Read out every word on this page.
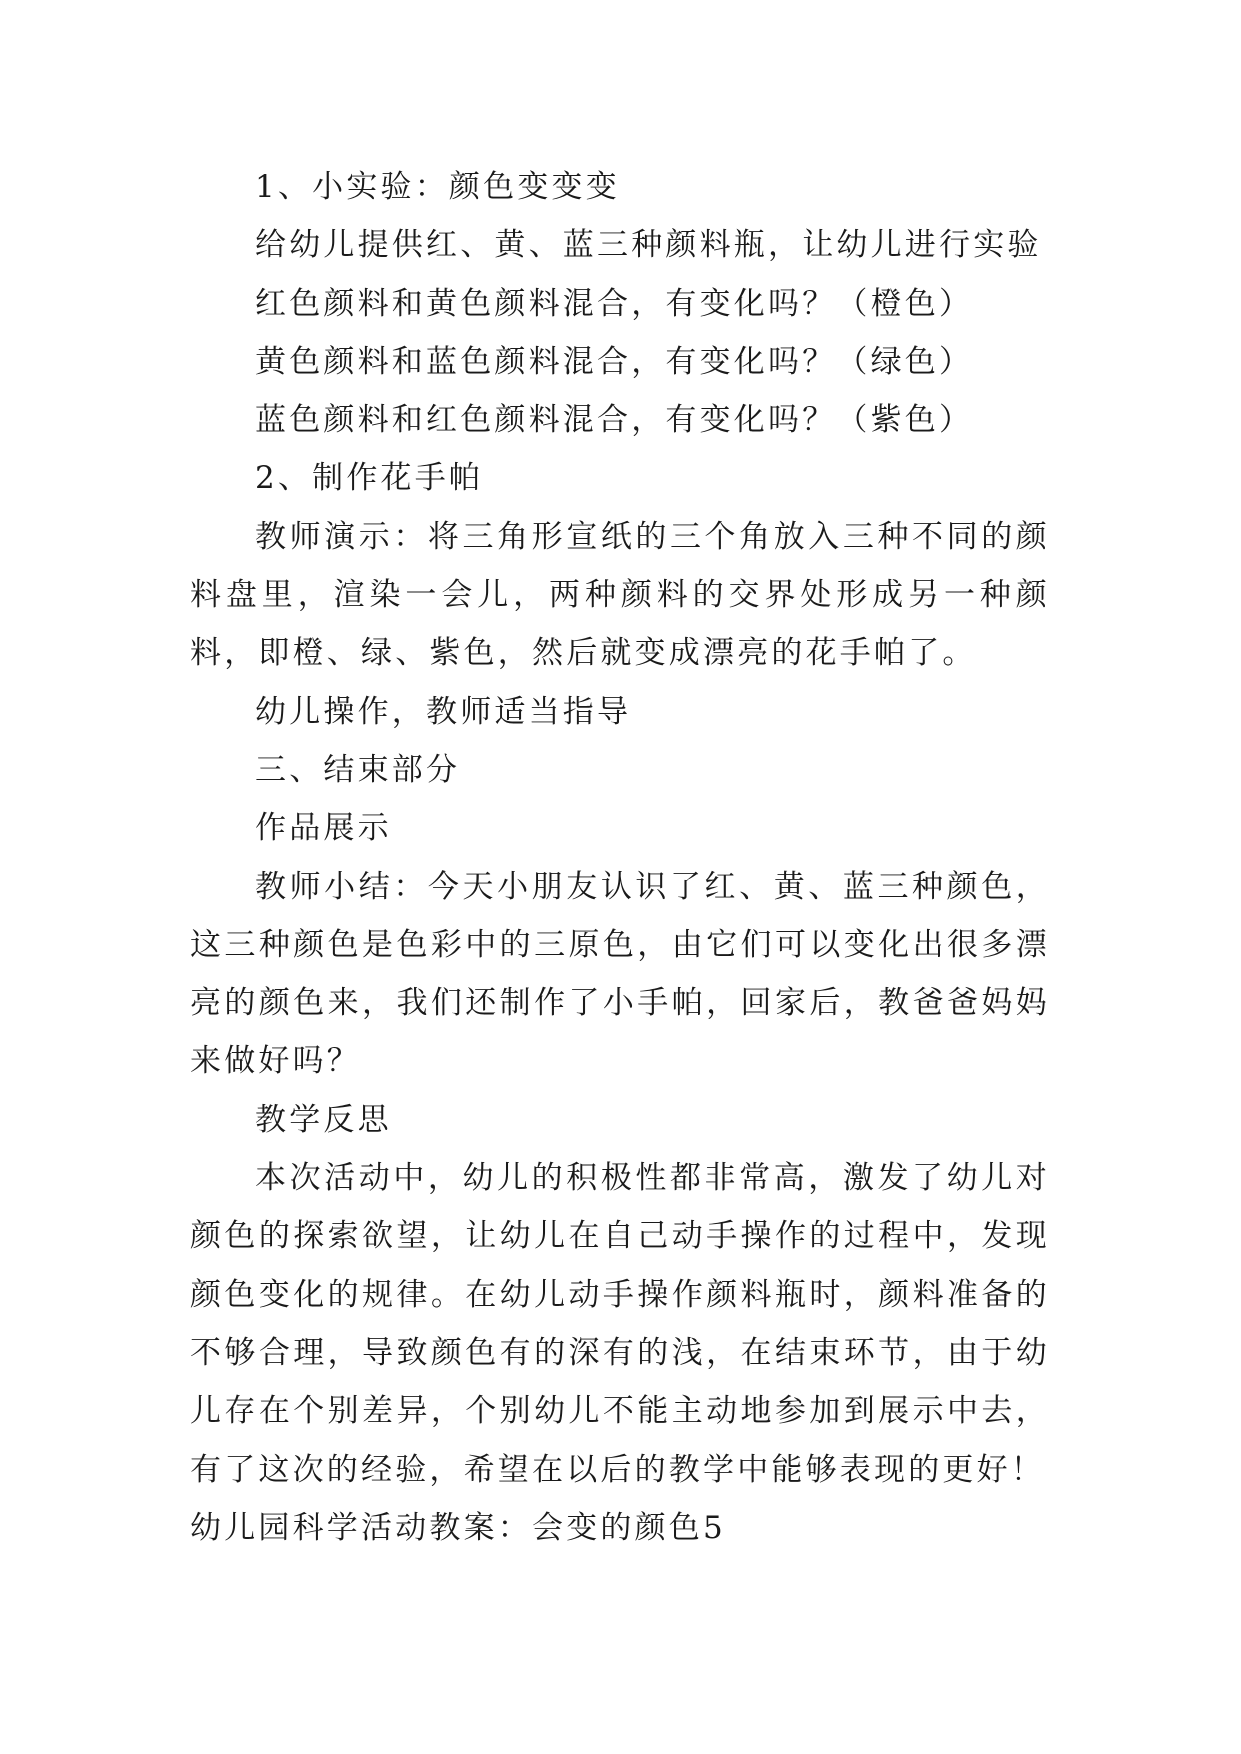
1、小实验：颜色变变变

给幼儿提供红、黄、蓝三种颜料瓶，让幼儿进行实验

红色颜料和黄色颜料混合，有变化吗？（橙色）

黄色颜料和蓝色颜料混合，有变化吗？（绿色）

蓝色颜料和红色颜料混合，有变化吗？（紫色）

2、制作花手帕

教师演示：将三角形宣纸的三个角放入三种不同的颜料盘里，渲染一会儿，两种颜料的交界处形成另一种颜料，即橙、绿、紫色，然后就变成漂亮的花手帕了。

幼儿操作，教师适当指导

三、结束部分

作品展示

教师小结：今天小朋友认识了红、黄、蓝三种颜色，这三种颜色是色彩中的三原色，由它们可以变化出很多漂亮的颜色来，我们还制作了小手帕，回家后，教爸爸妈妈来做好吗？

教学反思

本次活动中，幼儿的积极性都非常高，激发了幼儿对颜色的探索欲望，让幼儿在自己动手操作的过程中，发现颜色变化的规律。在幼儿动手操作颜料瓶时，颜料准备的不够合理，导致颜色有的深有的浅，在结束环节，由于幼儿存在个别差异，个别幼儿不能主动地参加到展示中去，有了这次的经验，希望在以后的教学中能够表现的更好！

幼儿园科学活动教案：会变的颜色5
